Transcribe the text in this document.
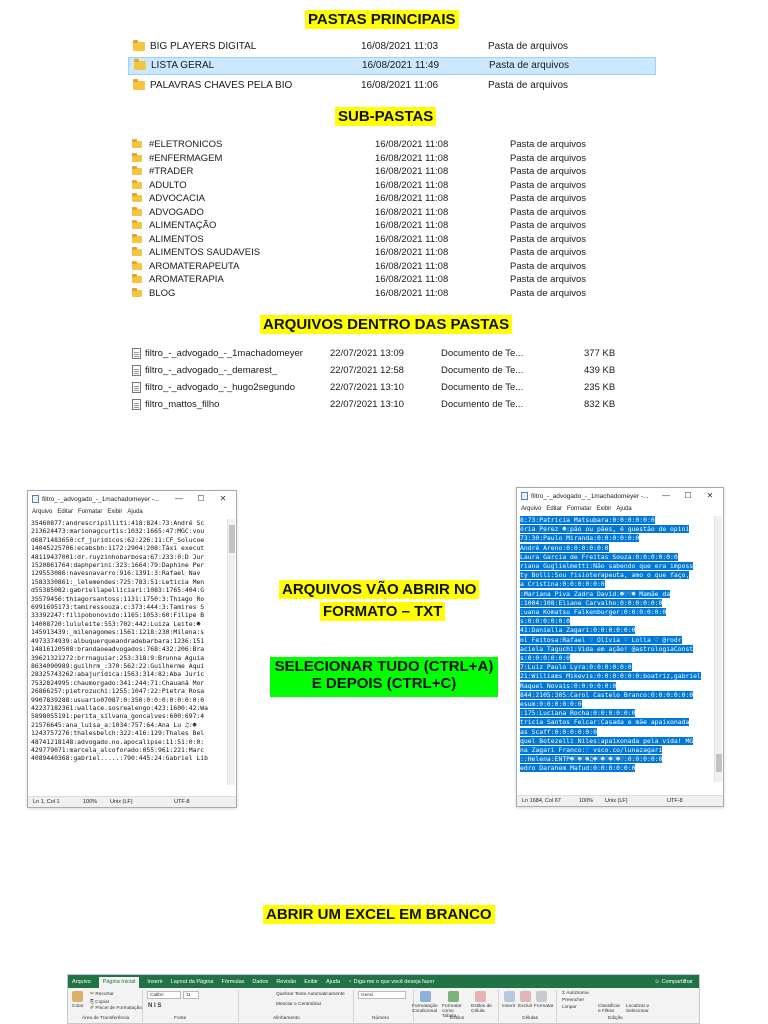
PASTAS PRINCIPAIS
BIG PLAYERS DIGITAL	16/08/2021 11:03	Pasta de arquivos
LISTA GERAL	16/08/2021 11:49	Pasta de arquivos
PALAVRAS CHAVES PELA BIO	16/08/2021 11:06	Pasta de arquivos
SUB-PASTAS
#ELETRONICOS	16/08/2021 11:08	Pasta de arquivos
#ENFERMAGEM	16/08/2021 11:08	Pasta de arquivos
#TRADER	16/08/2021 11:08	Pasta de arquivos
ADULTO	16/08/2021 11:08	Pasta de arquivos
ADVOCACIA	16/08/2021 11:08	Pasta de arquivos
ADVOGADO	16/08/2021 11:08	Pasta de arquivos
ALIMENTAÇÃO	16/08/2021 11:08	Pasta de arquivos
ALIMENTOS	16/08/2021 11:08	Pasta de arquivos
ALIMENTOS SAUDAVEIS	16/08/2021 11:08	Pasta de arquivos
AROMATERAPEUTA	16/08/2021 11:08	Pasta de arquivos
AROMATERAPIA	16/08/2021 11:08	Pasta de arquivos
BLOG	16/08/2021 11:08	Pasta de arquivos
ARQUIVOS DENTRO DAS PASTAS
filtro_-_advogado_-_1machadomeyer	22/07/2021 13:09	Documento de Te...	377 KB
filtro_-_advogado_-_demarest_	22/07/2021 12:58	Documento de Te...	439 KB
filtro_-_advogado_-_hugo2segundo	22/07/2021 13:10	Documento de Te...	235 KB
filtro_mattos_filho	22/07/2021 13:10	Documento de Te...	832 KB
filtro_-_advogado_-_1machadomeyer -...	—	☐	✕
Arquivo Editar Formatar Exibir Ajuda
35460877:andrescripilliti:418:824:73:André Sc
213624473:marionagcurtis:1032:1665:47:MGC:vou
d6871483650:cf_juridicos:62:226:11:CF_Solucoe
14045225706:ecabsbh:1172:2904:208:Táxi execut
48119437001:dr.ruyzinhobarbosa:67:233:0:D Jur
1520861764:daphperini:323:1664:79:Daphine Per
129553086:navesnavarro:916:1391:3:Rafael Nav
1583330861:_lelemendes:725:783:51:Leticia Men
d55385082:gabriellapelliciari:1083:1765:404:G
35579456:thiagorsantoss:1131:1750:3:Thiago Ro
6991695173:tamiressouza.c:373:444:3:Tamires S
33392247:filipobonovido:1165:1053:60:Filipe B
14008720:lululeite:553:702:442:Luiza Leite:☻
145913439:_milenagomes:1561:1218:230:Milena:s
4973374939:albuquerqueandradebarbara:1236:151
14816120508:brandaoeadvogados:768:432:206:Bra
39621321272:brrnaguiar:253:318:9:Brunna Aguia
8634090989:guilhrm_:370:562:22:Guilherme Aqui
28325743262:abajurídica:1563:314:82:Aba Juríc
7532824995:chaumorgado:341:244:71:Chauanã Mor
26866257:pietrozuchi:1255:1047:22:Pietra Rosa
9907839288:usuario07087:0:350:0:0:0:0:0:0:0:0
42237182361:wallace.sosrealengo:423:1600:42:Wa
5898055191:perita_silvana_goncalves:600:697:4
21576645:ana_luisa_a:1034:757:64:Ana Lu ♫:☻
1243757276:thalesbelch:322:416:129:Thales Bel
48741218148:advogado.no.apocalipse:11:51:0:0:
429779071:marcela_alcoforado:055:961:221:Marc
4089440368:gabriel.....:790:445:24:Gabriel Lib
Ln 1, Col 1	100% Unix (LF)	UTF-8
ARQUIVOS VÃO ABRIR NO
FORMATO – TXT
SELECIONAR TUDO (CTRL+A)
E DEPOIS (CTRL+C)
filtro_-_advogado_-_1machadomeyer -...	—	☐	✕
Arquivo Editar Formatar Exibir Ajuda
8:73:Patricia Matsubara:0:0:0:0:0:0
ória Perez ☻:pão ou pães, é questão de opini
73:30:Paulo Miranda:0:0:0:0:0:0
André Areno:0:0:0:0:0:0
Laura Garcia de Freitas Souza:0:0:0:0:0:0
riana Guglielmetti:Não sabendo que era imposs
ty Bolli:Sou fisioterapeuta, amo o que faço,
a Cristina:0:0:0:0:0:0
:Mariana Piva Zadra David:☻♡♡☻ Mamãe da
:1004:108:Eliane Carvalho:0:0:0:0:0:0
:uana Komatsu Falkenburger:0:0:0:0:0:0
s:0:0:0:0:0:0
41:Daniella Zagari:0:0:0:0:0:0
nl Feitosa:Rafael ♡ Olívia ♡ Lolla ♡ @rodr
aciela Taguchi:Vida em ação! @astrologiaConst
s:0:0:0:0:0:0
7:Luiz Paulo Lyra:0:0:0:0:0:0
21:Williams Mikevis:0:0:0:0:0:0:boatriz,gabriel
Raquel Novais:0:0:0:0:0:0
844:2105:305:Carol Castelo Branco:0:0:0:0:0:0
esum:0:0:0:0:0:0
:175:Luciana Rocha:0:0:0:0:0:0
tricia Santos Felcar:Casada e mãe apaixonada
as Scaff:0:0:0:0:0:0
quel Botezelli Niles:apaixonada pela vida! MG
na Zagari Franco:♡ vsco.co/lunazagari
::Helena:ENTP☻♡☻♡☻♫☻♡☻♡☻♡☻♡:0:0:0:0:0
edro Darahem Mafud:0:0:0:0:0:0
Ln 1684, Col 67	100% Unix (LF)	UTF-8
ABRIR UM EXCEL EM BRANCO
Arquivo	Página Inicial	Inserir Layout da Página Fórmulas Dados Revisão Exibir Ajuda ♀ Diga-me o que você deseja fazer	☺ Compartilhar
Colar
✂ Recortar
⎘ Copiar
✐ Pincel de Formatação
Área de Transferência
Calibri	11
N I S
Fonte
Quebrar Texto Automaticamente
Mesclar e Centralizar
Alinhamento
Geral
Número
Formatação Condicional
Formatar como Tabela
Estilos de Célula
Estilos
Inserir Excluir Formatar
Células
Σ AutoSoma
Preencher
Limpar	Classificar e Filtrar
Localizar e Selecionar
Edição
